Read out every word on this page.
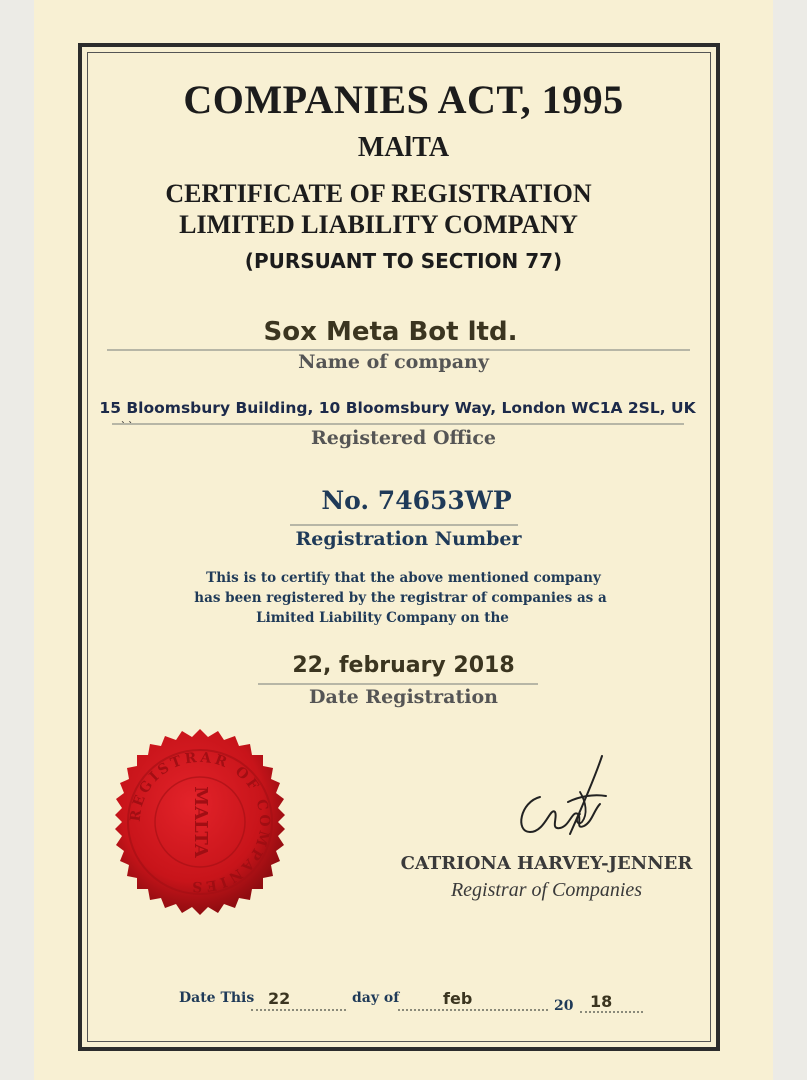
COMPANIES ACT, 1995
MAlTA
CERTIFICATE OF REGISTRATION
LIMITED LIABILITY COMPANY
(PURSUANT TO SECTION 77)
Sox Meta Bot ltd.
Name of company
15 Bloomsbury Building, 10 Bloomsbury Way, London WC1A 2SL, UK
``	Registered Office
No. 74653WP
Registration Number
This is to certify that the above mentioned company
has been registered by the registrar of companies as a
Limited Liability Company on the
22, february 2018
Date Registration
REGISTRAR OF COMPANIES
MALTA
CATRIONA HARVEY-JENNER
Registrar of Companies
Date This 22	day of	feb	20 18
